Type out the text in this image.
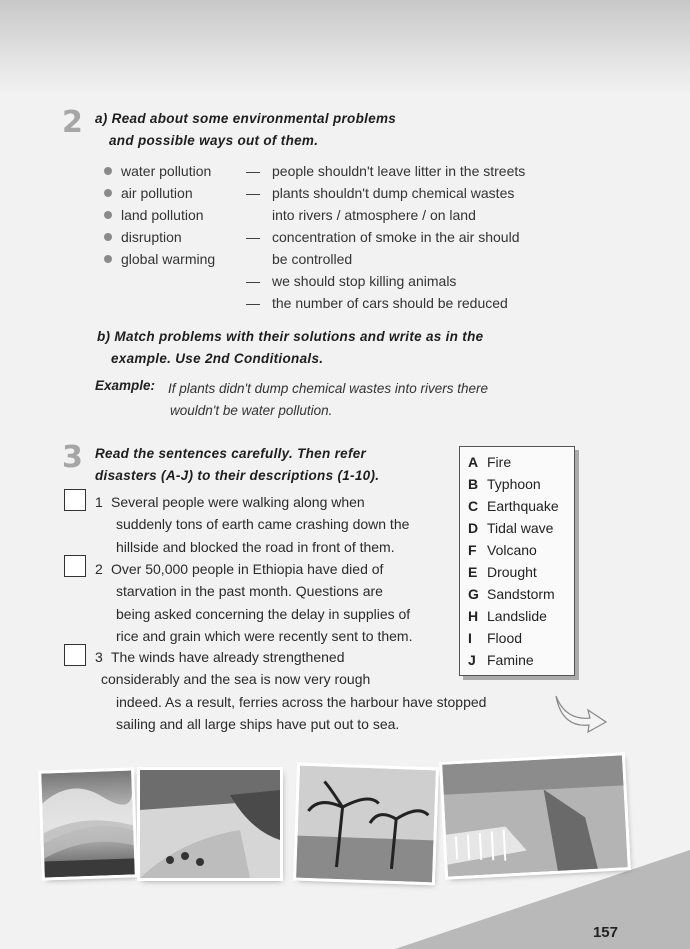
2 a) Read about some environmental problems
and possible ways out of them.
water pollution
air pollution
land pollution
disruption
global warming
— people shouldn't leave litter in the streets
— plants shouldn't dump chemical wastes
into rivers / atmosphere / on land
— concentration of smoke in the air should
be controlled
— we should stop killing animals
— the number of cars should be reduced
b) Match problems with their solutions and write as in the
example. Use 2nd Conditionals.
Example: If plants didn't dump chemical wastes into rivers there
wouldn't be water pollution.
3 Read the sentences carefully. Then refer
disasters (A-J) to their descriptions (1-10).
A Fire
B Typhoon
C Earthquake
D Tidal wave
F Volcano
E Drought
G Sandstorm
H Landslide
I Flood
J Famine
1 Several people were walking along when
suddenly tons of earth came crashing down the
hillside and blocked the road in front of them.
2 Over 50,000 people in Ethiopia have died of
starvation in the past month. Questions are
being asked concerning the delay in supplies of
rice and grain which were recently sent to them.
3 The winds have already strengthened
considerably and the sea is now very rough
indeed. As a result, ferries across the harbour have stopped
sailing and all large ships have put out to sea.
157
